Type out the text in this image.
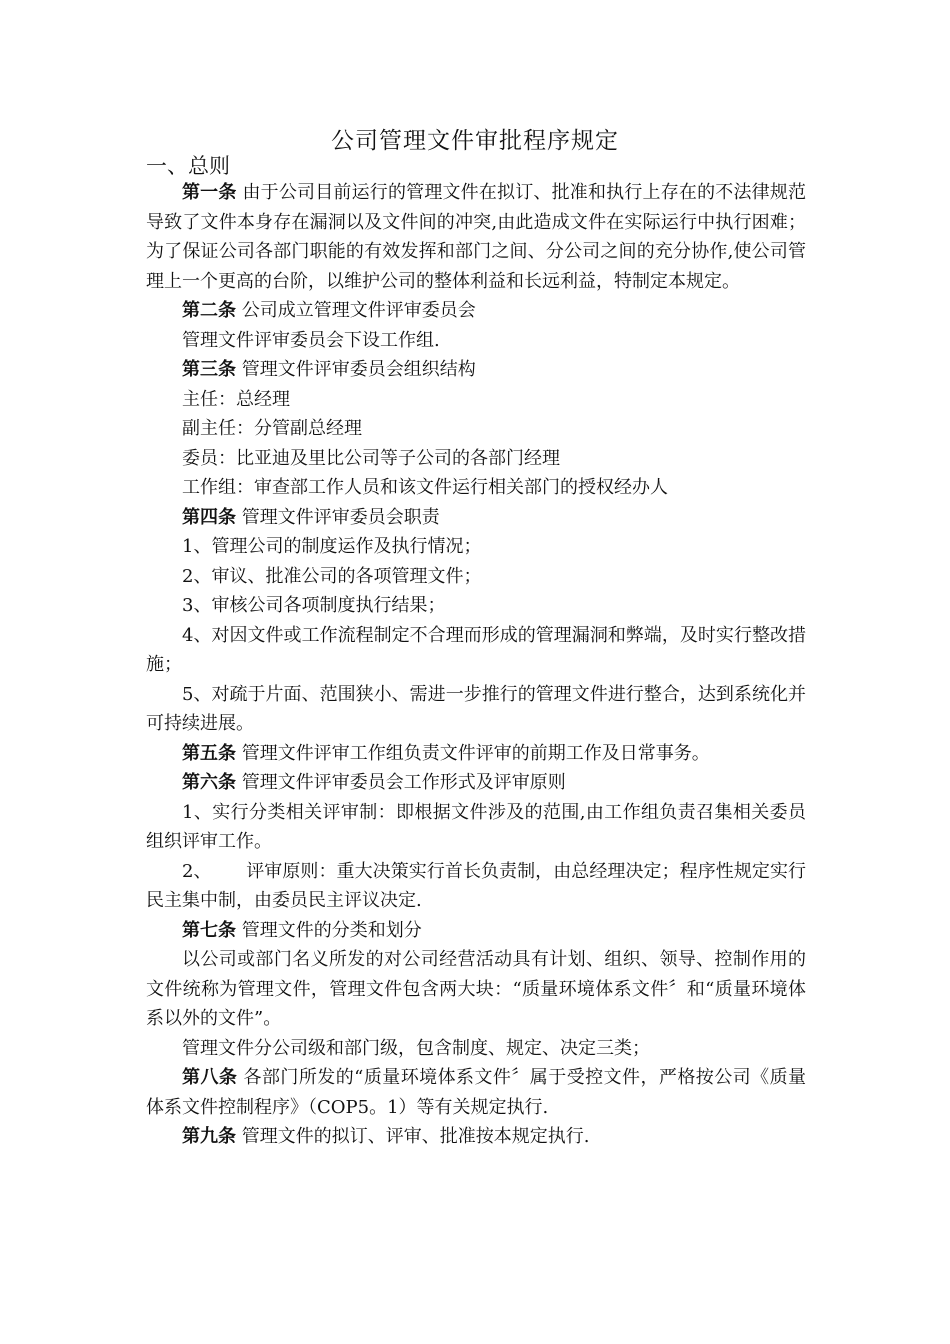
公司管理文件审批程序规定
一、总则

第一条 由于公司目前运行的管理文件在拟订、批准和执行上存在的不法律规范导致了文件本身存在漏洞以及文件间的冲突,由此造成文件在实际运行中执行困难；为了保证公司各部门职能的有效发挥和部门之间、分公司之间的充分协作,使公司管理上一个更高的台阶，以维护公司的整体利益和长远利益，特制定本规定。

第二条 公司成立管理文件评审委员会

管理文件评审委员会下设工作组.

第三条 管理文件评审委员会组织结构

主任：总经理

副主任：分管副总经理

委员：比亚迪及里比公司等子公司的各部门经理

工作组：审查部工作人员和该文件运行相关部门的授权经办人

第四条 管理文件评审委员会职责

1、管理公司的制度运作及执行情况；

2、审议、批准公司的各项管理文件；

3、审核公司各项制度执行结果；

4、对因文件或工作流程制定不合理而形成的管理漏洞和弊端，及时实行整改措施；

5、对疏于片面、范围狭小、需进一步推行的管理文件进行整合，达到系统化并可持续进展。

第五条 管理文件评审工作组负责文件评审的前期工作及日常事务。

第六条 管理文件评审委员会工作形式及评审原则

1、实行分类相关评审制：即根据文件涉及的范围,由工作组负责召集相关委员组织评审工作。

2、      评审原则：重大决策实行首长负责制，由总经理决定；程序性规定实行民主集中制，由委员民主评议决定.

第七条 管理文件的分类和划分

以公司或部门名义所发的对公司经营活动具有计划、组织、领导、控制作用的文件统称为管理文件，管理文件包含两大块：“质量环境体系文件〞和“质量环境体系以外的文件”。

管理文件分公司级和部门级，包含制度、规定、决定三类；

第八条 各部门所发的“质量环境体系文件〞属于受控文件，严格按公司《质量体系文件控制程序》（COP5。1）等有关规定执行.

第九条 管理文件的拟订、评审、批准按本规定执行.
